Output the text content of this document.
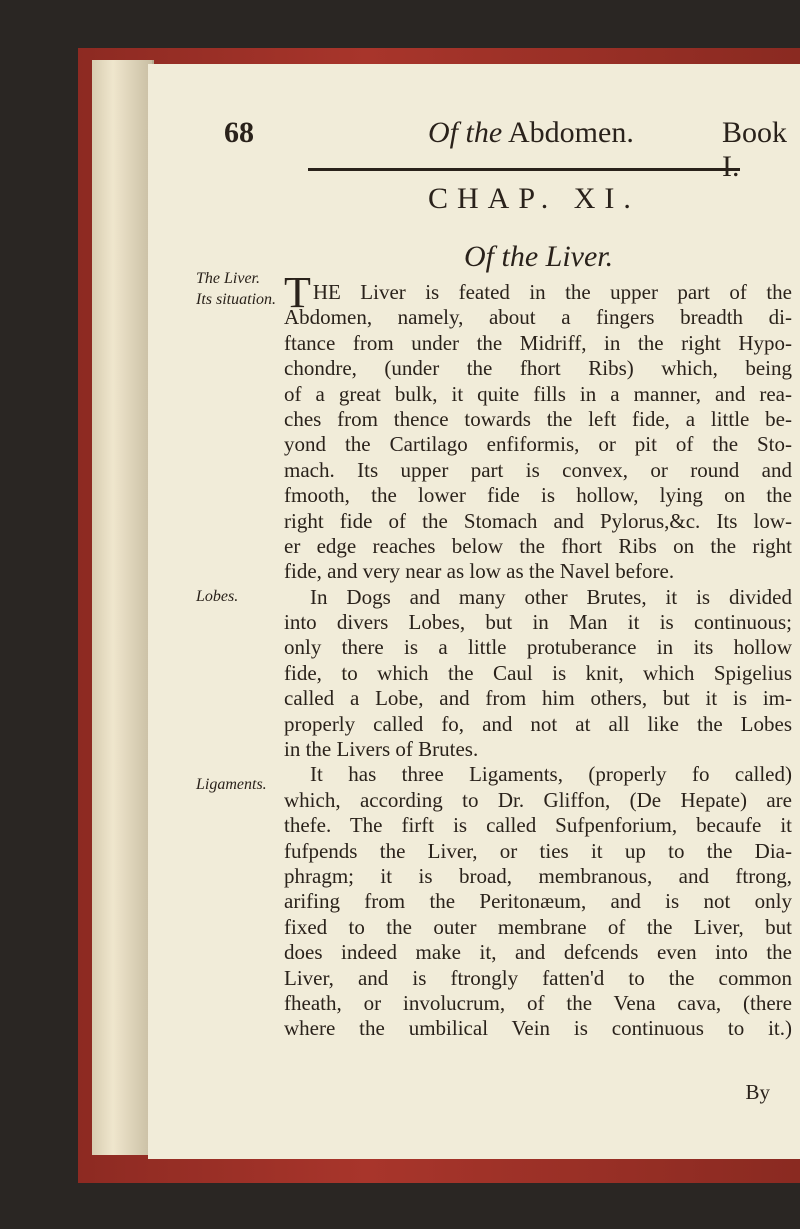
68	Of the Abdomen.	Book I.
CHAP. XI.
Of the Liver.
The Liver. Its situation.
Lobes.
Ligaments.
T HE Liver is feated in the upper part of the
Abdomen, namely, about a fingers breadth di-
ftance from under the Midriff, in the right Hypo-
chondre, (under the fhort Ribs) which, being
of a great bulk, it quite fills in a manner, and rea-
ches from thence towards the left fide, a little be-
yond the Cartilago enfiformis, or pit of the Sto-
mach. Its upper part is convex, or round and
fmooth, the lower fide is hollow, lying on the
right fide of the Stomach and Pylorus,&c. Its low-
er edge reaches below the fhort Ribs on the right
fide, and very near as low as the Navel before.
In Dogs and many other Brutes, it is divided
into divers Lobes, but in Man it is continuous;
only there is a little protuberance in its hollow
fide, to which the Caul is knit, which Spigelius
called a Lobe, and from him others, but it is im-
properly called fo, and not at all like the Lobes
in the Livers of Brutes.
It has three Ligaments, (properly fo called)
which, according to Dr. Gliffon, (De Hepate) are
thefe. The firft is called Sufpenforium, becaufe it
fufpends the Liver, or ties it up to the Dia-
phragm; it is broad, membranous, and ftrong,
arifing from the Peritonæum, and is not only
fixed to the outer membrane of the Liver, but
does indeed make it, and defcends even into the
Liver, and is ftrongly fatten'd to the common
fheath, or involucrum, of the Vena cava, (there
where the umbilical Vein is continuous to it.)
By
